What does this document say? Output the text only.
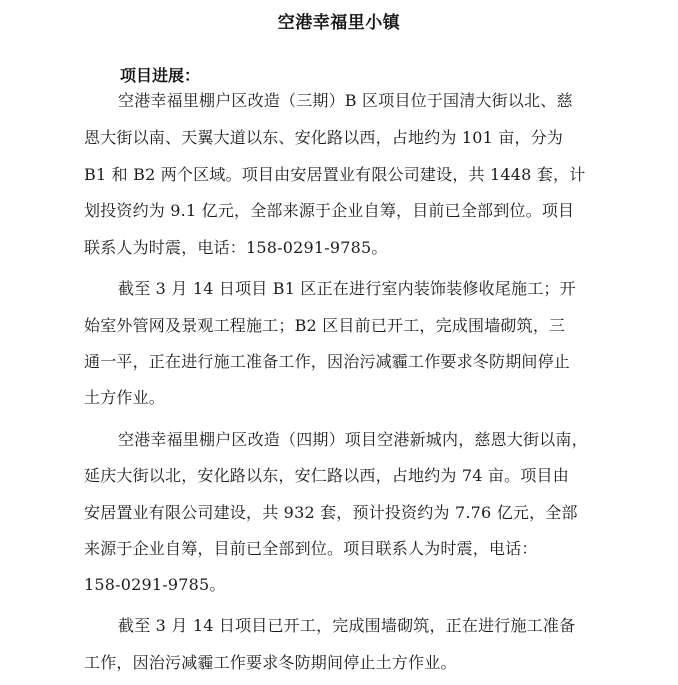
空港幸福里小镇
项目进展：
空港幸福里棚户区改造（三期）B 区项目位于国清大街以北、慈
恩大街以南、天翼大道以东、安化路以西，占地约为 101 亩，分为
B1 和 B2 两个区域。项目由安居置业有限公司建设，共 1448 套，计
划投资约为 9.1 亿元，全部来源于企业自筹，目前已全部到位。项目
联系人为时震，电话：158-0291-9785。
截至 3 月 14 日项目 B1 区正在进行室内装饰装修收尾施工；开
始室外管网及景观工程施工；B2 区目前已开工，完成围墙砌筑，三
通一平，正在进行施工准备工作，因治污减霾工作要求冬防期间停止
土方作业。
空港幸福里棚户区改造（四期）项目空港新城内，慈恩大街以南，
延庆大街以北，安化路以东，安仁路以西，占地约为 74 亩。项目由
安居置业有限公司建设，共 932 套，预计投资约为 7.76 亿元，全部
来源于企业自筹，目前已全部到位。项目联系人为时震，电话：
158-0291-9785。
截至 3 月 14 日项目已开工，完成围墙砌筑，正在进行施工准备
工作，因治污减霾工作要求冬防期间停止土方作业。
